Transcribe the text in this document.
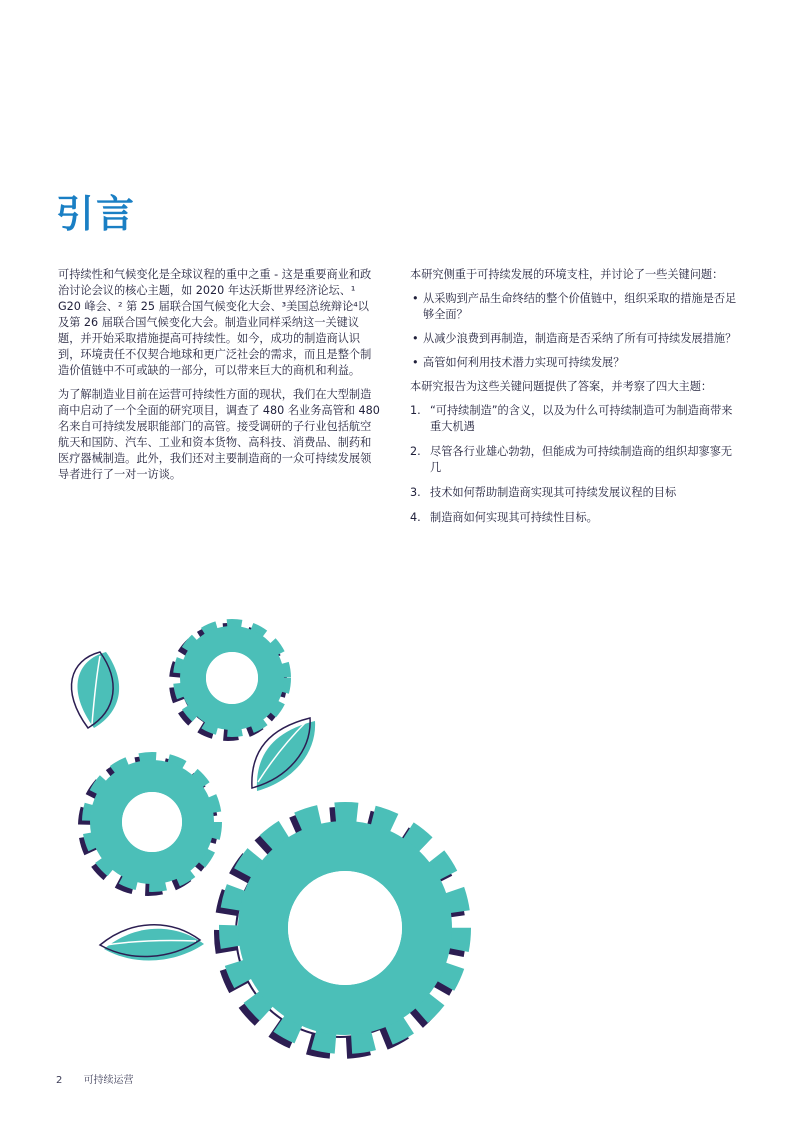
引言

可持续性和气候变化是全球议程的重中之重 - 这是重要商业和政治讨论会议的核心主题，如 2020 年达沃斯世界经济论坛、¹ G20 峰会、² 第 25 届联合国气候变化大会、³美国总统辩论⁴以及第 26 届联合国气候变化大会。制造业同样采纳这一关键议题，并开始采取措施提高可持续性。如今，成功的制造商认识到，环境责任不仅契合地球和更广泛社会的需求，而且是整个制造价值链中不可或缺的一部分，可以带来巨大的商机和利益。

为了解制造业目前在运营可持续性方面的现状，我们在大型制造商中启动了一个全面的研究项目，调查了 480 名业务高管和 480 名来自可持续发展职能部门的高管。接受调研的子行业包括航空航天和国防、汽车、工业和资本货物、高科技、消费品、制药和医疗器械制造。此外，我们还对主要制造商的一众可持续发展领导者进行了一对一访谈。

本研究侧重于可持续发展的环境支柱，并讨论了一些关键问题：

• 从采购到产品生命终结的整个价值链中，组织采取的措施是否足够全面？
• 从减少浪费到再制造，制造商是否采纳了所有可持续发展措施？
• 高管如何利用技术潜力实现可持续发展？

本研究报告为这些关键问题提供了答案，并考察了四大主题：

1. “可持续制造”的含义，以及为什么可持续制造可为制造商带来重大机遇
2. 尽管各行业雄心勃勃，但能成为可持续制造商的组织却寥寥无几
3. 技术如何帮助制造商实现其可持续发展议程的目标
4. 制造商如何实现其可持续性目标。
2 可持续运营
